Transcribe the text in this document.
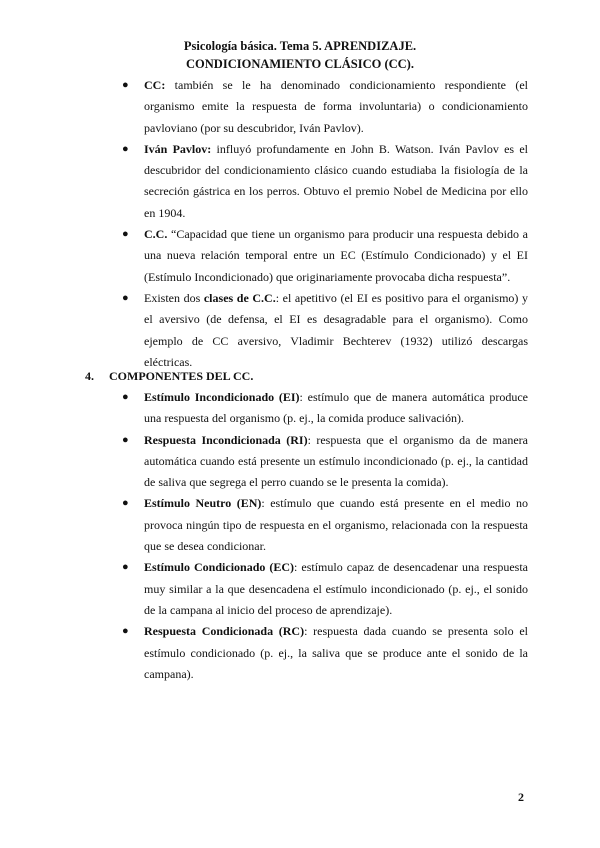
Psicología básica. Tema 5. APRENDIZAJE.
CONDICIONAMIENTO CLÁSICO (CC).
● CC: también se le ha denominado condicionamiento respondiente (el organismo emite la respuesta de forma involuntaria) o condicionamiento pavloviano (por su descubridor, Iván Pavlov).
● Iván Pavlov: influyó profundamente en John B. Watson. Iván Pavlov es el descubridor del condicionamiento clásico cuando estudiaba la fisiología de la secreción gástrica en los perros. Obtuvo el premio Nobel de Medicina por ello en 1904.
● C.C. “Capacidad que tiene un organismo para producir una respuesta debido a una nueva relación temporal entre un EC (Estímulo Condicionado) y el EI (Estímulo Incondicionado) que originariamente provocaba dicha respuesta”.
● Existen dos clases de C.C.: el apetitivo (el EI es positivo para el organismo) y el aversivo (de defensa, el EI es desagradable para el organismo). Como ejemplo de CC aversivo, Vladimir Bechterev (1932) utilizó descargas eléctricas.
4. COMPONENTES DEL CC.
● Estímulo Incondicionado (EI): estímulo que de manera automática produce una respuesta del organismo (p. ej., la comida produce salivación).
● Respuesta Incondicionada (RI): respuesta que el organismo da de manera automática cuando está presente un estímulo incondicionado (p. ej., la cantidad de saliva que segrega el perro cuando se le presenta la comida).
● Estímulo Neutro (EN): estímulo que cuando está presente en el medio no provoca ningún tipo de respuesta en el organismo, relacionada con la respuesta que se desea condicionar.
● Estímulo Condicionado (EC): estímulo capaz de desencadenar una respuesta muy similar a la que desencadena el estímulo incondicionado (p. ej., el sonido de la campana al inicio del proceso de aprendizaje).
● Respuesta Condicionada (RC): respuesta dada cuando se presenta solo el estímulo condicionado (p. ej., la saliva que se produce ante el sonido de la campana).
2
